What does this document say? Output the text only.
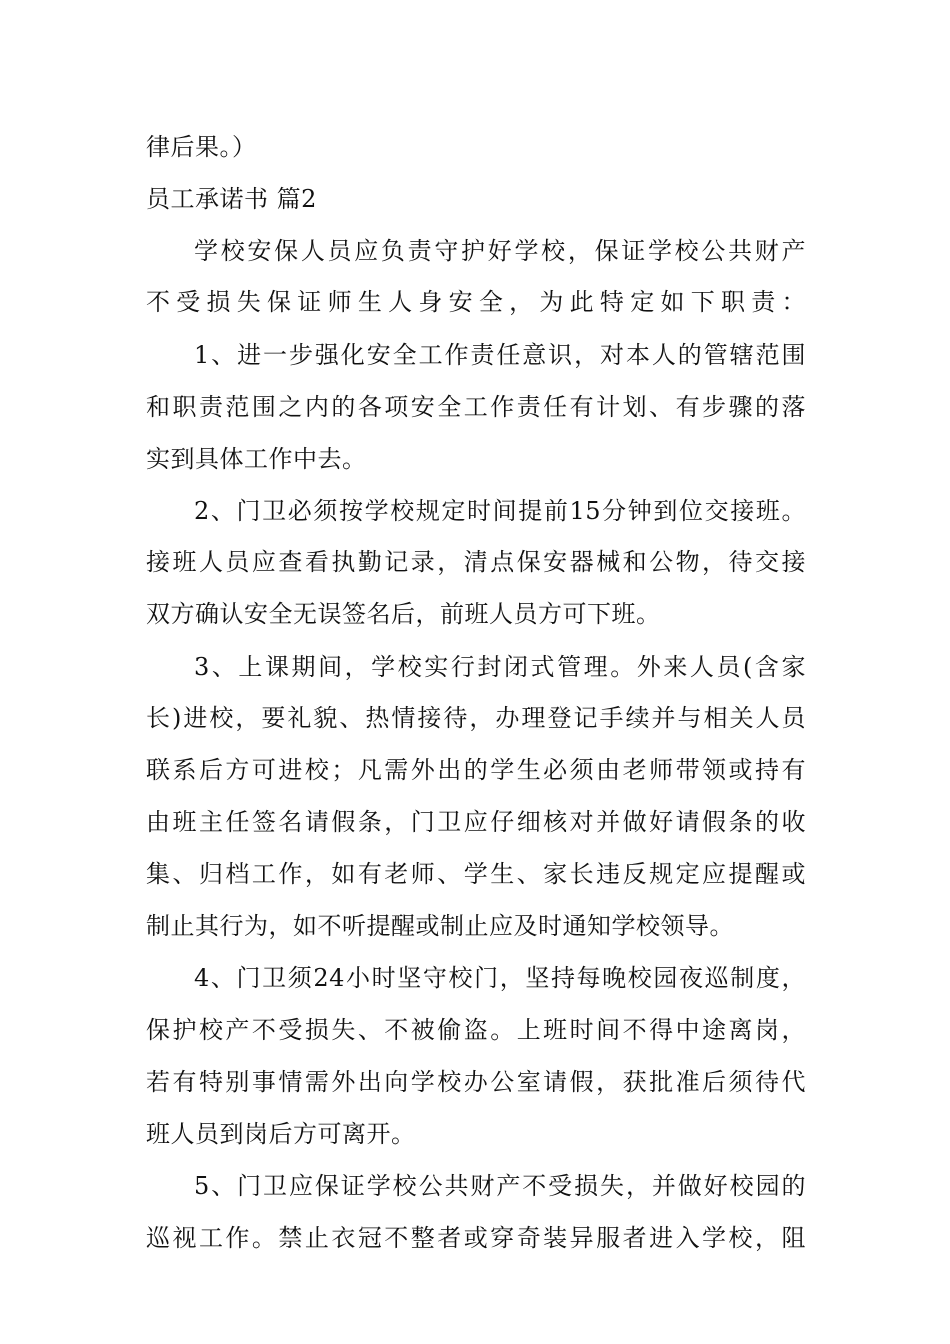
律后果。）
员工承诺书 篇2
学校安保人员应负责守护好学校，保证学校公共财产
不受损失保证师生人身安全，为此特定如下职责：
1、进一步强化安全工作责任意识，对本人的管辖范围
和职责范围之内的各项安全工作责任有计划、有步骤的落
实到具体工作中去。
2、门卫必须按学校规定时间提前15分钟到位交接班。
接班人员应查看执勤记录，清点保安器械和公物，待交接
双方确认安全无误签名后，前班人员方可下班。
3、上课期间，学校实行封闭式管理。外来人员(含家
长)进校，要礼貌、热情接待，办理登记手续并与相关人员
联系后方可进校；凡需外出的学生必须由老师带领或持有
由班主任签名请假条，门卫应仔细核对并做好请假条的收
集、归档工作，如有老师、学生、家长违反规定应提醒或
制止其行为，如不听提醒或制止应及时通知学校领导。
4、门卫须24小时坚守校门，坚持每晚校园夜巡制度，
保护校产不受损失、不被偷盗。上班时间不得中途离岗，
若有特别事情需外出向学校办公室请假，获批准后须待代
班人员到岗后方可离开。
5、门卫应保证学校公共财产不受损失，并做好校园的
巡视工作。禁止衣冠不整者或穿奇装异服者进入学校，阻
